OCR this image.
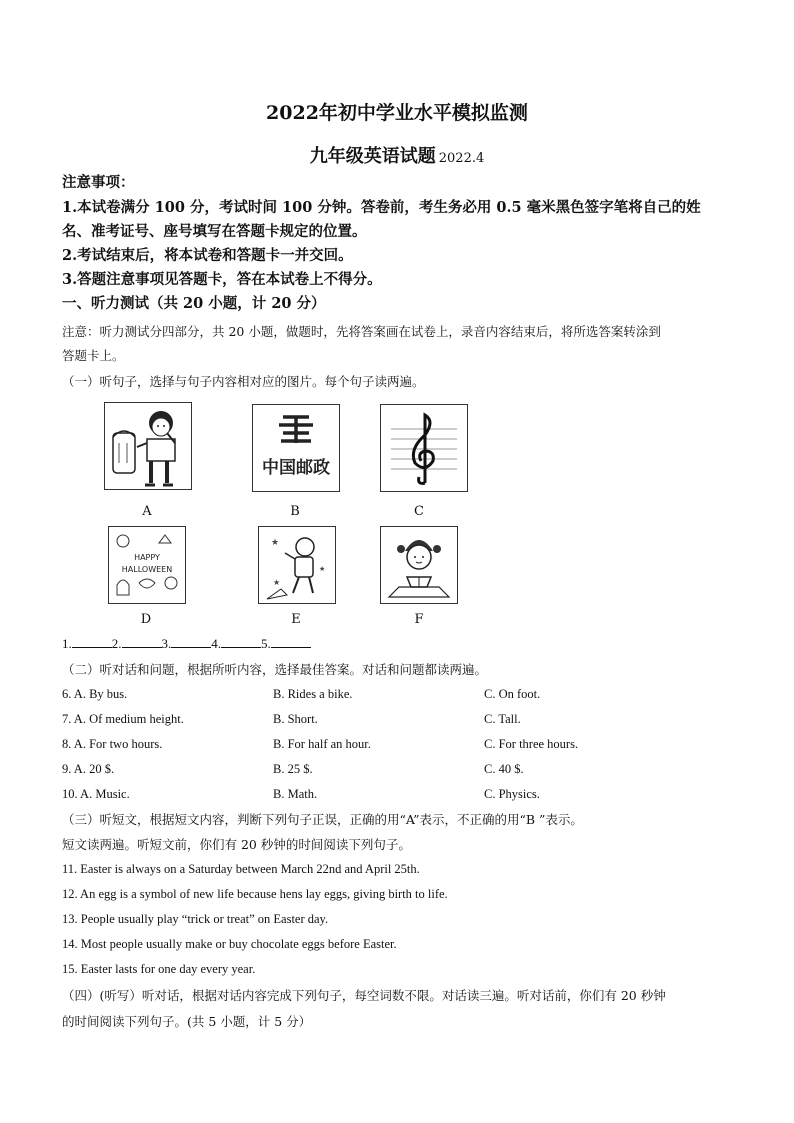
2022年初中学业水平模拟监测
九年级英语试题 2022.4
注意事项：
1.本试卷满分 100 分，考试时间 100 分钟。答卷前，考生务必用 0.5 毫米黑色签字笔将自己的姓
名、准考证号、座号填写在答题卡规定的位置。
2.考试结束后，将本试卷和答题卡一并交回。
3.答题注意事项见答题卡，答在本试卷上不得分。
一、听力测试（共 20 小题，计 20 分）
注意：听力测试分四部分，共 20 小题，做题时，先将答案画在试卷上，录音内容结束后，将所选答案转涂到
答题卡上。
（一）听句子，选择与句子内容相对应的图片。每个句子读两遍。
A
中国邮政
B	C
HAPPY
HALLOWEEN
D
★
★
★
E	F
1.	2.	3.	4.	5.
（二）听对话和问题，根据所听内容，选择最佳答案。对话和问题都读两遍。
6. A. By bus.	B. Rides a bike.	C. On foot.
7. A. Of medium height.	B. Short.	C. Tall.
8. A. For two hours.	B. For half an hour.	C. For three hours.
9. A. 20 $.	B. 25 $.	C. 40 $.
10. A. Music.	B. Math.	C. Physics.
（三）听短文，根据短文内容，判断下列句子正误，正确的用“A”表示，不正确的用“B ”表示。
短文读两遍。听短文前，你们有 20 秒钟的时间阅读下列句子。
11. Easter is always on a Saturday between March 22nd and April 25th.
12. An egg is a symbol of new life because hens lay eggs, giving birth to life.
13. People usually play “trick or treat” on Easter day.
14. Most people usually make or buy chocolate eggs before Easter.
15. Easter lasts for one day every year.
（四）(听写）听对话，根据对话内容完成下列句子，每空词数不限。对话读三遍。听对话前，你们有 20 秒钟
的时间阅读下列句子。(共 5 小题，计 5 分）
